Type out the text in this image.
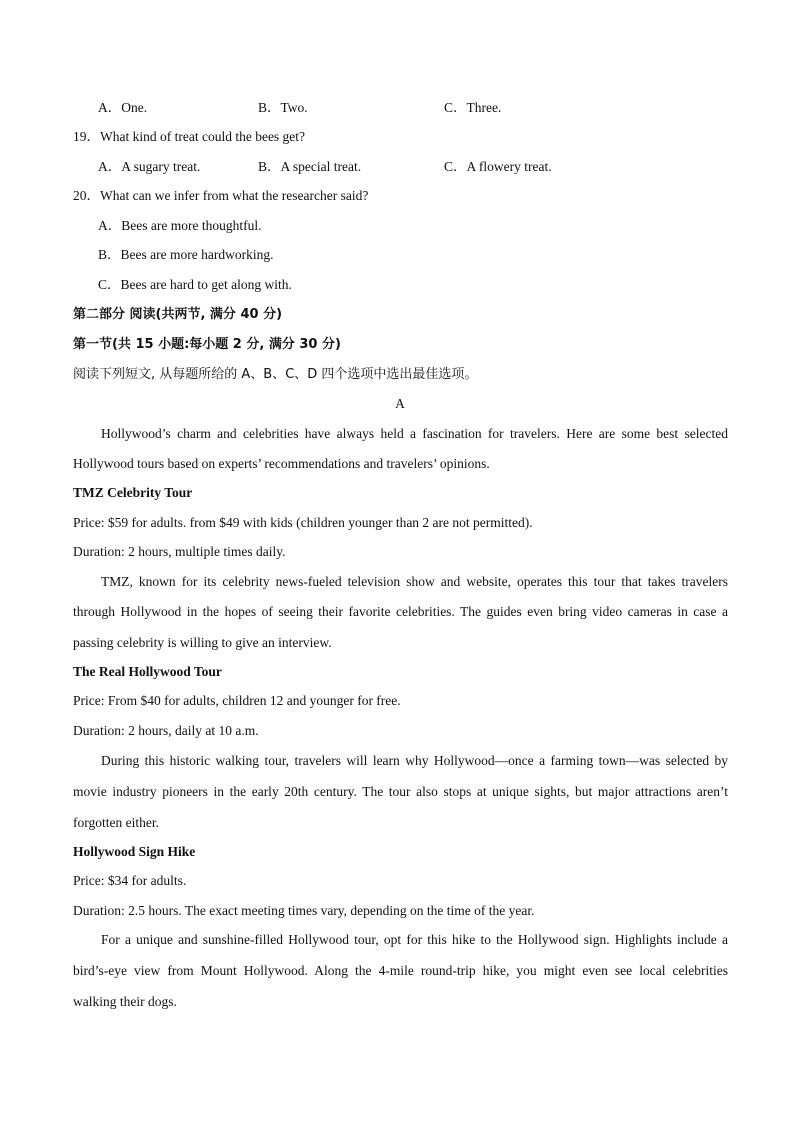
A．One.	B．Two.	C．Three.
19．What kind of treat could the bees get?
A．A sugary treat.	B．A special treat.	C．A flowery treat.
20．What can we infer from what the researcher said?
A．Bees are more thoughtful.
B．Bees are more hardworking.
C．Bees are hard to get along with.
第二部分 阅读(共两节, 满分 40 分)
第一节(共 15 小题:每小题 2 分, 满分 30 分)
阅读下列短文, 从每题所给的 A、B、C、D 四个选项中选出最佳选项。
A
Hollywood’s charm and celebrities have always held a fascination for travelers. Here are some best selected
Hollywood tours based on experts’ recommendations and travelers’ opinions.
TMZ Celebrity Tour
Price: $59 for adults. from $49 with kids (children younger than 2 are not permitted).
Duration: 2 hours, multiple times daily.
TMZ, known for its celebrity news-fueled television show and website, operates this tour that takes travelers
through Hollywood in the hopes of seeing their favorite celebrities. The guides even bring video cameras in case a
passing celebrity is willing to give an interview.
The Real Hollywood Tour
Price: From $40 for adults, children 12 and younger for free.
Duration: 2 hours, daily at 10 a.m.
During this historic walking tour, travelers will learn why Hollywood—once a farming town—was selected by
movie industry pioneers in the early 20th century. The tour also stops at unique sights, but major attractions aren’t
forgotten either.
Hollywood Sign Hike
Price: $34 for adults.
Duration: 2.5 hours. The exact meeting times vary, depending on the time of the year.
For a unique and sunshine-filled Hollywood tour, opt for this hike to the Hollywood sign. Highlights include a
bird’s-eye view from Mount Hollywood. Along the 4-mile round-trip hike, you might even see local celebrities
walking their dogs.
